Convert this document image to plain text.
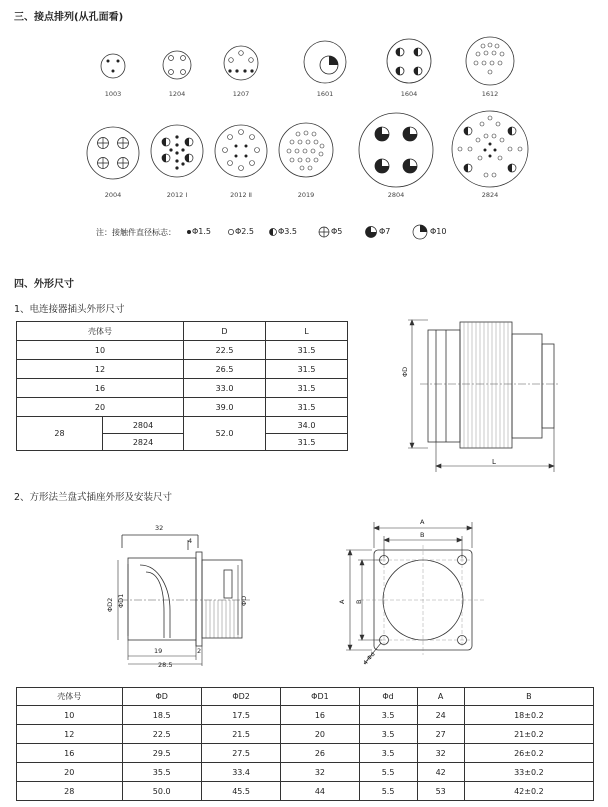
三、接点排列(从孔面看)
1003	1204	1207	1601	1604	1612
2004	2012 Ⅰ	2012 Ⅱ	2019	2804	2824
注：接触件直径标志： Φ1.5	Φ2.5	Φ3.5	Φ5	Φ7	Φ10
四、外形尺寸
1、电连接器插头外形尺寸
壳体号		D	L
10		22.5	31.5
12		26.5	31.5
16		33.0	31.5
20		39.0	31.5
28	2804	52.0	34.0
	2824		31.5
ΦD
L
2、方形法兰盘式插座外形及安装尺寸
32
4
ΦD2 ΦD1	ΦD
19	2
28.5
A
B
A B
4-Φd
壳体号	ΦD	ΦD2	ΦD1	Φd	A	B
10	18.5	17.5	16	3.5	24	18±0.2
12	22.5	21.5	20	3.5	27	21±0.2
16	29.5	27.5	26	3.5	32	26±0.2
20	35.5	33.4	32	5.5	42	33±0.2
28	50.0	45.5	44	5.5	53	42±0.2
